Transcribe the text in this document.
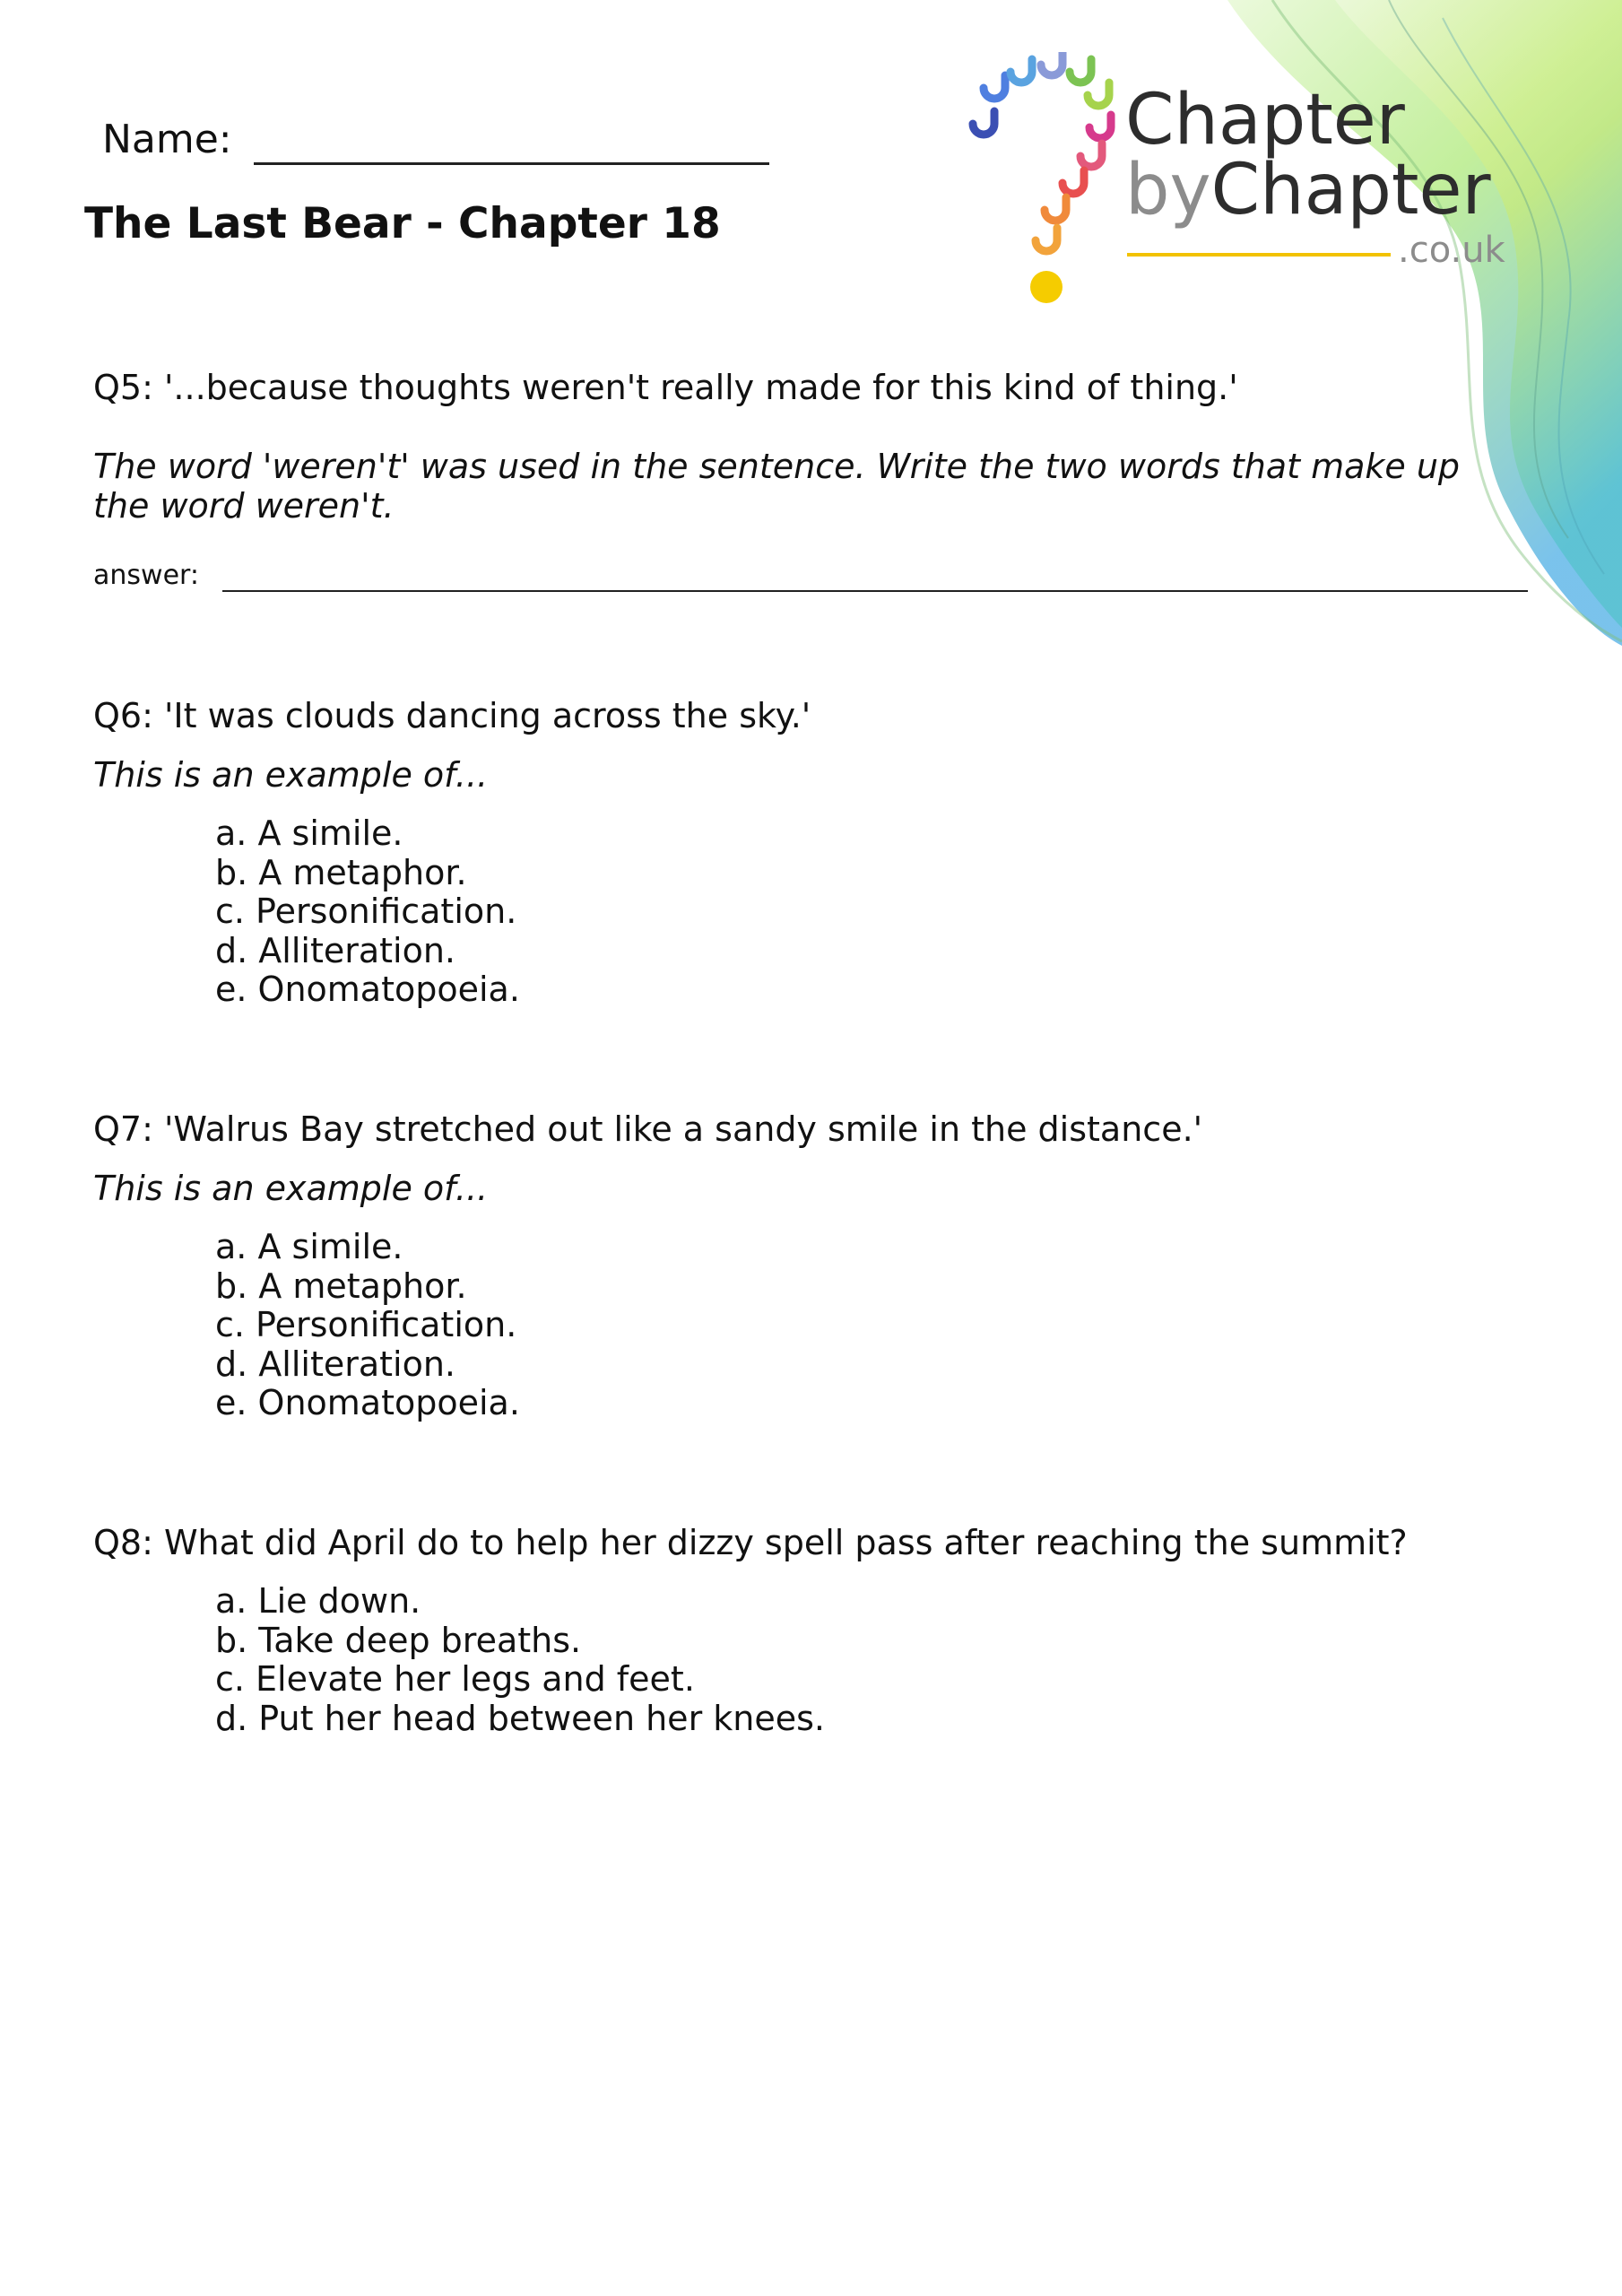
Chapter
byChapter
.co.uk
Name:
The Last Bear - Chapter 18

Q5: '...because thoughts weren't really made for this kind of thing.'

The word 'weren't' was used in the sentence. Write the two words that make up the word weren't.

answer:

Q6: 'It was clouds dancing across the sky.'

This is an example of...

a. A simile.
b. A metaphor.
c. Personification.
d. Alliteration.
e. Onomatopoeia.

Q7: 'Walrus Bay stretched out like a sandy smile in the distance.'

This is an example of...

a. A simile.
b. A metaphor.
c. Personification.
d. Alliteration.
e. Onomatopoeia.

Q8: What did April do to help her dizzy spell pass after reaching the summit?

a. Lie down.
b. Take deep breaths.
c. Elevate her legs and feet.
d. Put her head between her knees.
